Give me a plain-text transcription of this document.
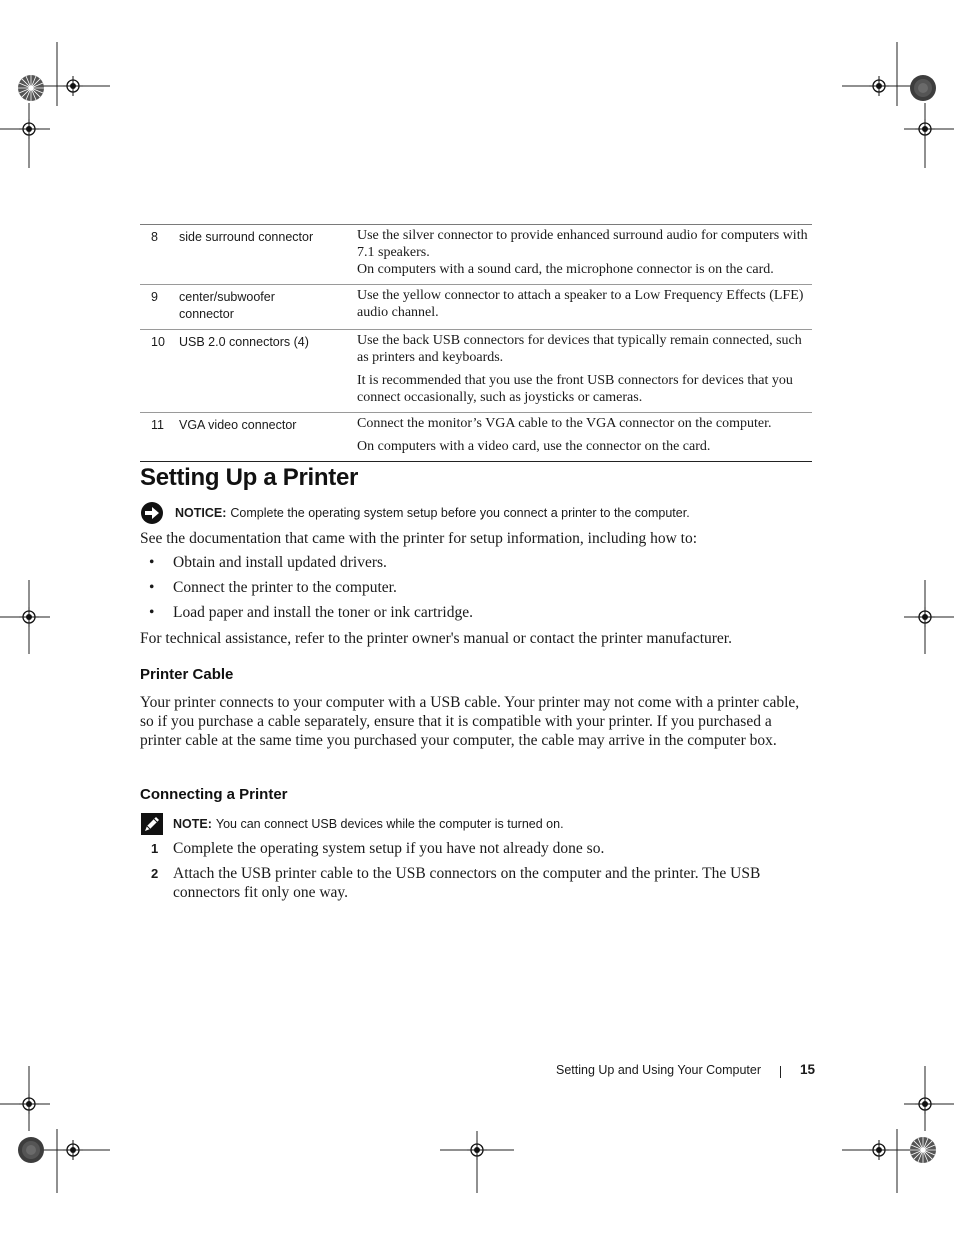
8	side surround connector	Use the silver connector to provide enhanced surround audio for computers with 7.1 speakers.

On computers with a sound card, the microphone connector is on the card.

9	center/subwoofer connector	Use the yellow connector to attach a speaker to a Low Frequency Effects (LFE) audio channel.

10	USB 2.0 connectors (4)	Use the back USB connectors for devices that typically remain connected, such as printers and keyboards.

It is recommended that you use the front USB connectors for devices that you connect occasionally, such as joysticks or cameras.

11	VGA video connector	Connect the monitor’s VGA cable to the VGA connector on the computer.

On computers with a video card, use the connector on the card.

Setting Up a Printer
NOTICE: Complete the operating system setup before you connect a printer to the computer.

See the documentation that came with the printer for setup information, including how to:

• Obtain and install updated drivers.
• Connect the printer to the computer.
• Load paper and install the toner or ink cartridge.

For technical assistance, refer to the printer owner's manual or contact the printer manufacturer.

Printer Cable

Your printer connects to your computer with a USB cable. Your printer may not come with a printer cable, so if you purchase a cable separately, ensure that it is compatible with your printer. If you purchased a printer cable at the same time you purchased your computer, the cable may arrive in the computer box.

Connecting a Printer
NOTE: You can connect USB devices while the computer is turned on.
1 Complete the operating system setup if you have not already done so.
2 Attach the USB printer cable to the USB connectors on the computer and the printer. The USB connectors fit only one way.
Setting Up and Using Your Computer	15
